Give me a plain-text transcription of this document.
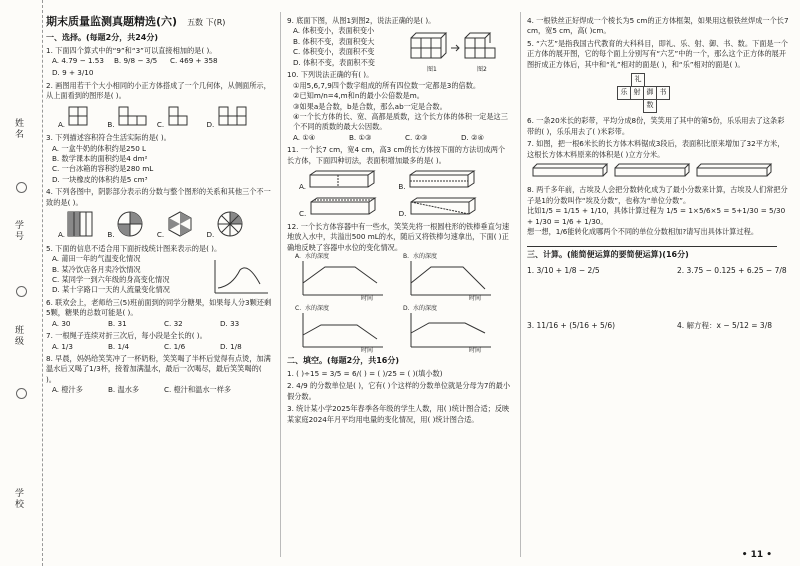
姓名
学号
班级
学校
期末质量监测真题精选(六) 五数 下(R)
一、选择。(每题2分，共24分)
1. 下面四个算式中的“9”和“3”可以直接相加的是( )。
A. 4.79 − 1.53 B. 9/8 − 3/5	C. 469 + 358
D. 9 + 3/10
2. 画图用若干个大小相同的小正方体搭成了一个几何体，从侧面所示，从上面看到的图形是( )。
A.	B.	C.	D.
3. 下列描述容积符合生活实际的是( )。
A. 一盒牛奶的体积约是250 L
B. 数学课本的面积约是4 dm²
C. 一台冰箱的容积约是280 mL
D. 一块橡皮的体积约是5 cm³
4. 下列各图中，阴影部分表示的分数与整个图形的关系和其他三个不一致的是( )。
A.	B.	C.	D.
5. 下面的信息不适合用下面折线统计图来表示的是( )。
A. 莆田一年的气温变化情况
B. 某冷饮店各月卖冷饮情况
C. 某同学一到六年级的身高变化情况
D. 某十字路口一天的人流量变化情况
6. 联欢会上，老师给三(5)班前面到的同学分糖果，如果每人分3颗还剩5颗，糖果的总数可能是( )。
A. 30	B. 31	C. 32	D. 33
7. 一根绳子连续对折三次后，每小段是全长的( )。
A. 1/3	B. 1/4	C. 1/6	D. 1/8
8. 早晨，妈妈给笑笑冲了一杯奶粉，笑笑喝了半杯后觉得有点烫，加满温水后又喝了1/3杯，接着加满温水，最后一次喝尽，最后笑笑喝的( )。
A. 橙汁多	B. 温水多	C. 橙汁和温水一样多
9. 底面下图，从图1到图2，说法正确的是( )。
A. 体积变小，表面积变小
B. 体积不变，表面积变大
C. 体积变小，表面积不变
D. 体积不变，表面积不变
图1	图2
10. 下列说法正确的有( )。
①用5,6,7,9四个数字组成的所有四位数一定都是3的倍数。
②已知m/n=4,m和n的最小公倍数是m。
③如果a是合数，b是合数，那么ab一定是合数。
④一个长方体的长、宽、高都是质数，这个长方体的体积一定是这三个不同的质数的最大公因数。
A. ①④	B. ①③	C. ②③	D. ②④
11. 一个长7 cm，宽4 cm，高3 cm的长方体按下面的方法切成两个长方体，下面四种切法，表面积增加最多的是( )。
A.	B.
C.	D.
12. 一个长方体容器中有一些水，笑笑先将一根圆柱形的铁棒垂直匀速地放入水中，共溢出500 mL的水，随后又将铁棒匀速拿出，下面( )正确地反映了容器中水位的变化情况。
A. 水的深度
时间
B. 水的深度
时间
C. 水的深度
时间
D. 水的深度
时间
二、填空。(每题2分，共16分)
1. ( )÷15 = 3/5 = 6/( ) = ( )/25 = ( )(填小数)
2. 4/9 的分数单位是( )，它有( )个这样的分数单位就是分母为7的最小假分数。
3. 统计某小学2025年春季各年级的学生人数，用( )统计图合适；反映某家庭2024年月平均用电量的变化情况，用( )统计图合适。
4. 一根铁丝正好焊成一个棱长为5 cm的正方体框架，如果用这根铁丝焊成一个长7 cm，宽5 cm，高( )cm。
5. “六艺”是指我国古代教育的大科科目，即礼、乐、射、御、书、数。下面是一个正方体的展开图，它的每个面上分别写有“六艺”中的一个，那么这个正方体的展开图折成正方体后，其中和“礼”相对的面是( )，和“乐”相对的面是( )。
礼
乐 射 御 书
数
6. 一条20米长的彩带，平均分成8份，笑笑用了其中的第5份，乐乐用去了这条彩带的( )，乐乐用去了( )米彩带。
7. 如图，把一根6米长的长方体木料锯成3段后，表面积比原来增加了32平方米，这根长方体木料原来的体积是( )立方分米。
8. 两千多年前，古埃及人会把分数转化成为了最小分数来计算，古埃及人们常把分子是1的分数叫作“埃及分数”，也称为“单位分数”。
比如1/5 = 1/15 + 1/10，具体计算过程为 1/5 = 1×5/6×5 = 5+1/30 = 5/30 + 1/30 = 1/6 + 1/30。
想一想，1/6能转化成哪两个不同的单位分数相加?请写出具体计算过程。
三、计算。(能简便运算的要简便运算)(16分)
1. 3/10 + 1/8 − 2/5	2. 3.75 − 0.125 + 6.25 − 7/8
3. 11/16 + (5/16 + 5/6)	4. 解方程：x − 5/12 = 3/8
• 11 •
